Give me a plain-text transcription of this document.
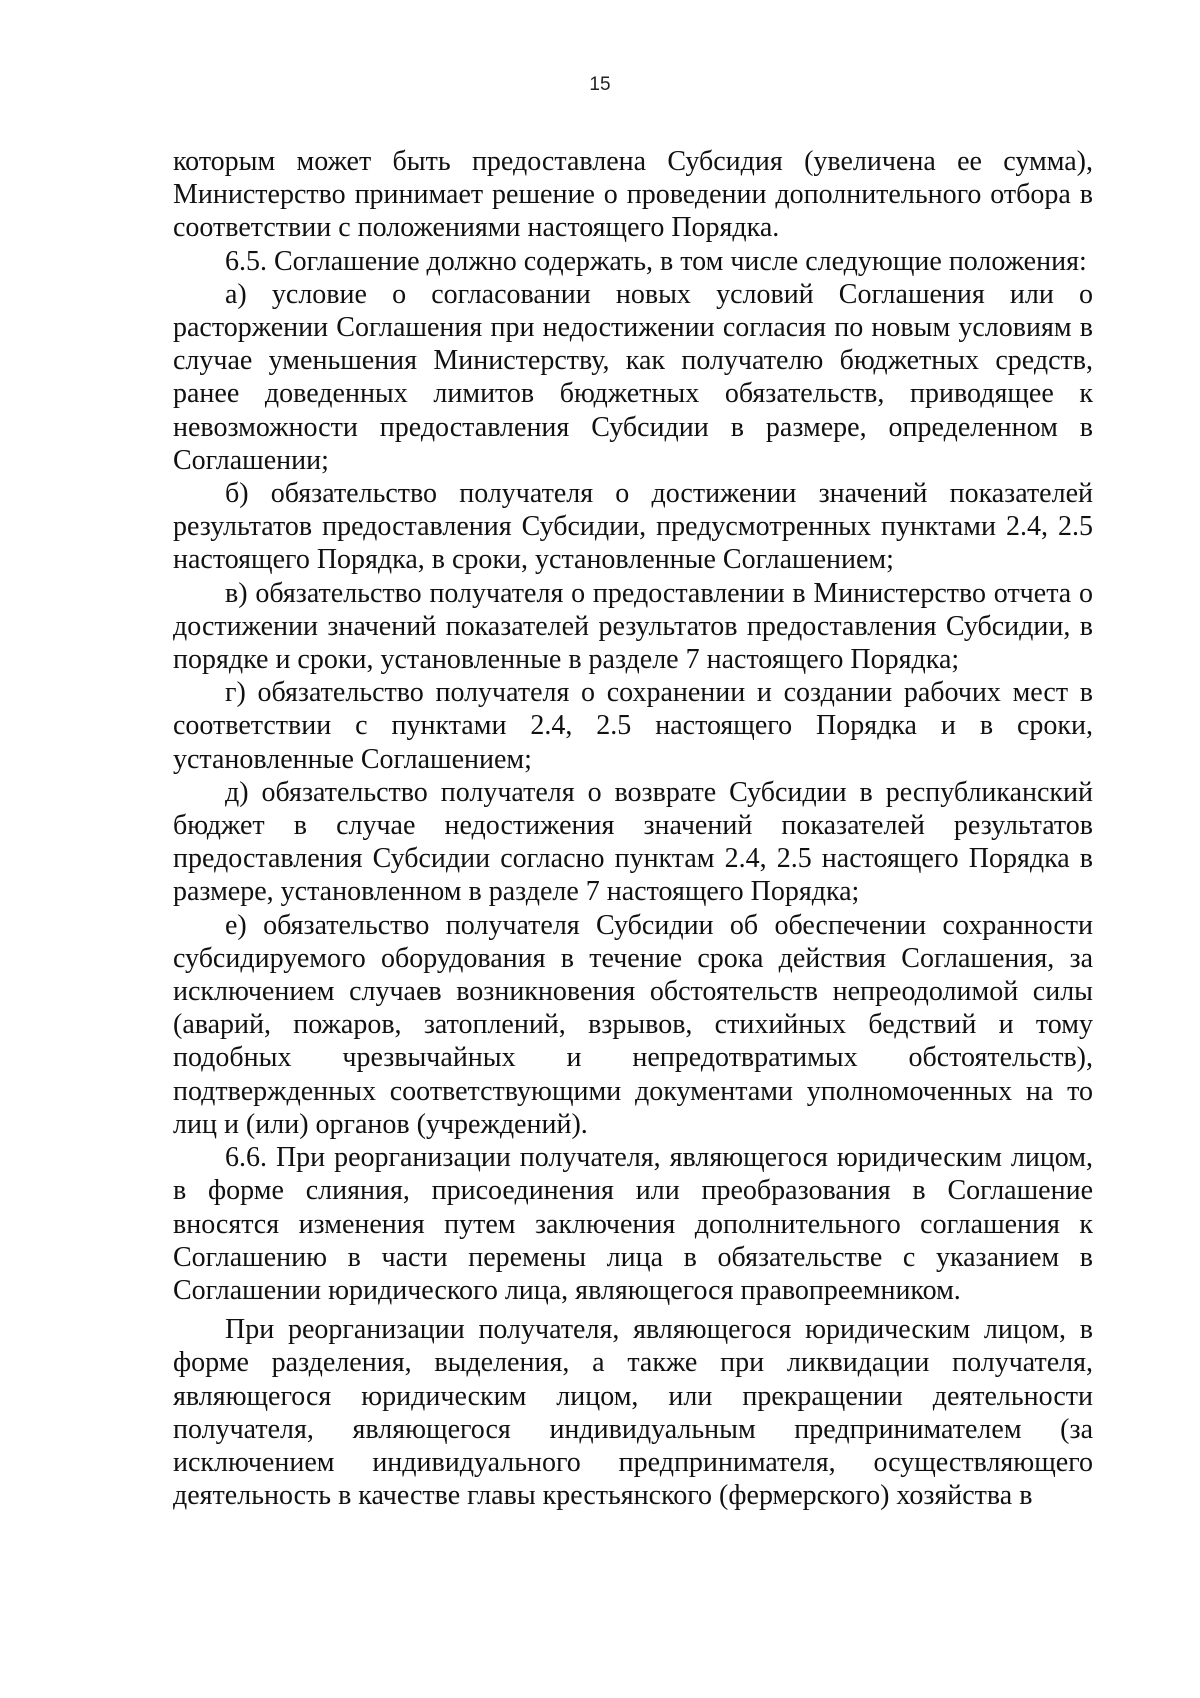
15

которым может быть предоставлена Субсидия (увеличена ее сумма), Министерство принимает решение о проведении дополнительного отбора в соответствии с положениями настоящего Порядка.

6.5. Соглашение должно содержать, в том числе следующие положения:

а) условие о согласовании новых условий Соглашения или о расторжении Соглашения при недостижении согласия по новым условиям в случае уменьшения Министерству, как получателю бюджетных средств, ранее доведенных лимитов бюджетных обязательств, приводящее к невозможности предоставления Субсидии в размере, определенном в Соглашении;

б) обязательство получателя о достижении значений показателей результатов предоставления Субсидии, предусмотренных пунктами 2.4, 2.5 настоящего Порядка, в сроки, установленные Соглашением;

в) обязательство получателя о предоставлении в Министерство отчета о достижении значений показателей результатов предоставления Субсидии, в порядке и сроки, установленные в разделе 7 настоящего Порядка;

г) обязательство получателя о сохранении и создании рабочих мест в соответствии с пунктами 2.4, 2.5 настоящего Порядка и в сроки, установленные Соглашением;

д) обязательство получателя о возврате Субсидии в республиканский бюджет в случае недостижения значений показателей результатов предоставления Субсидии согласно пунктам 2.4, 2.5 настоящего Порядка в размере, установленном в разделе 7 настоящего Порядка;

е) обязательство получателя Субсидии об обеспечении сохранности субсидируемого оборудования в течение срока действия Соглашения, за исключением случаев возникновения обстоятельств непреодолимой силы (аварий, пожаров, затоплений, взрывов, стихийных бедствий и тому подобных чрезвычайных и непредотвратимых обстоятельств), подтвержденных соответствующими документами уполномоченных на то лиц и (или) органов (учреждений).

6.6. При реорганизации получателя, являющегося юридическим лицом, в форме слияния, присоединения или преобразования в Соглашение вносятся изменения путем заключения дополнительного соглашения к Соглашению в части перемены лица в обязательстве с указанием в Соглашении юридического лица, являющегося правопреемником.

При реорганизации получателя, являющегося юридическим лицом, в форме разделения, выделения, а также при ликвидации получателя, являющегося юридическим лицом, или прекращении деятельности получателя, являющегося индивидуальным предпринимателем (за исключением индивидуального предпринимателя, осуществляющего деятельность в качестве главы крестьянского (фермерского) хозяйства в
